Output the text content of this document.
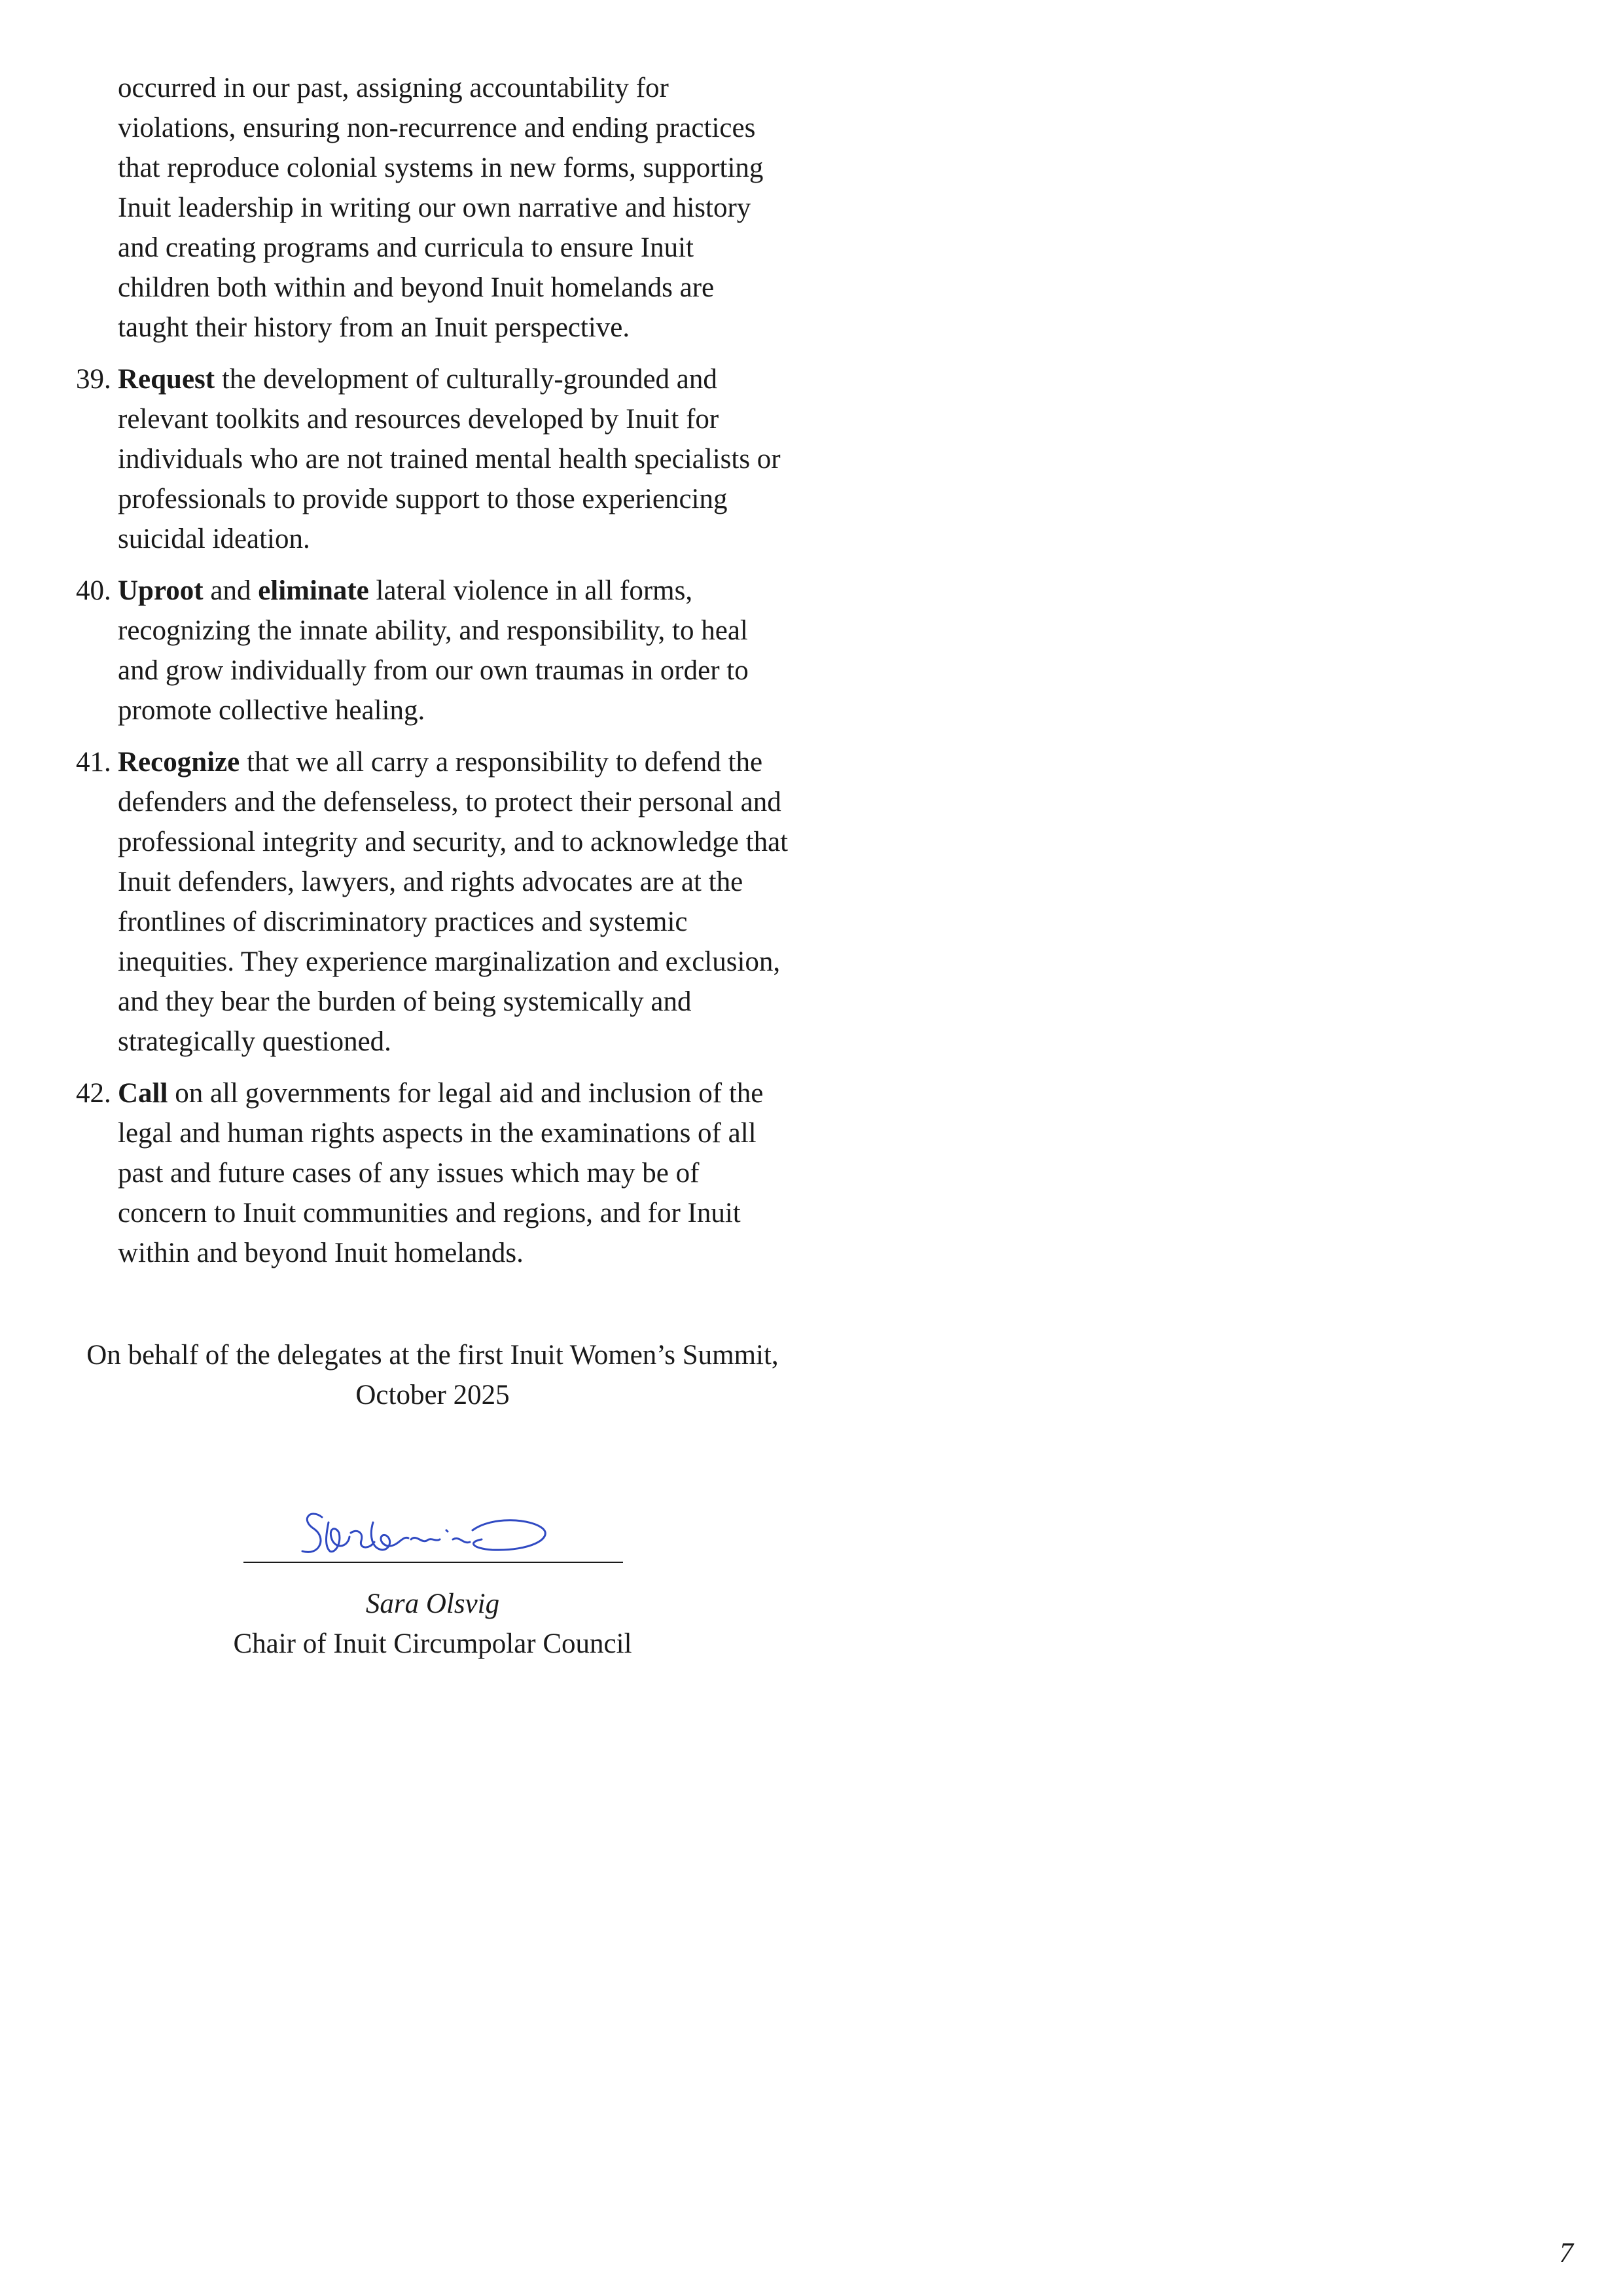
occurred in our past, assigning accountability for violations, ensuring non-recurrence and ending practices that reproduce colonial systems in new forms, supporting Inuit leadership in writing our own narrative and history and creating programs and curricula to ensure Inuit children both within and beyond Inuit homelands are taught their history from an Inuit perspective.

39. Request the development of culturally-grounded and relevant toolkits and resources developed by Inuit for individuals who are not trained mental health specialists or professionals to provide support to those experiencing suicidal ideation.

40. Uproot and eliminate lateral violence in all forms, recognizing the innate ability, and responsibility, to heal and grow individually from our own traumas in order to promote collective healing.

41. Recognize that we all carry a responsibility to defend the defenders and the defenseless, to protect their personal and professional integrity and security, and to acknowledge that Inuit defenders, lawyers, and rights advocates are at the frontlines of discriminatory practices and systemic inequities. They experience marginalization and exclusion, and they bear the burden of being systemically and strategically questioned.

42. Call on all governments for legal aid and inclusion of the legal and human rights aspects in the examinations of all past and future cases of any issues which may be of concern to Inuit communities and regions, and for Inuit within and beyond Inuit homelands.

On behalf of the delegates at the first Inuit Women’s Summit,
October 2025
Sara Olsvig
Chair of Inuit Circumpolar Council
7
